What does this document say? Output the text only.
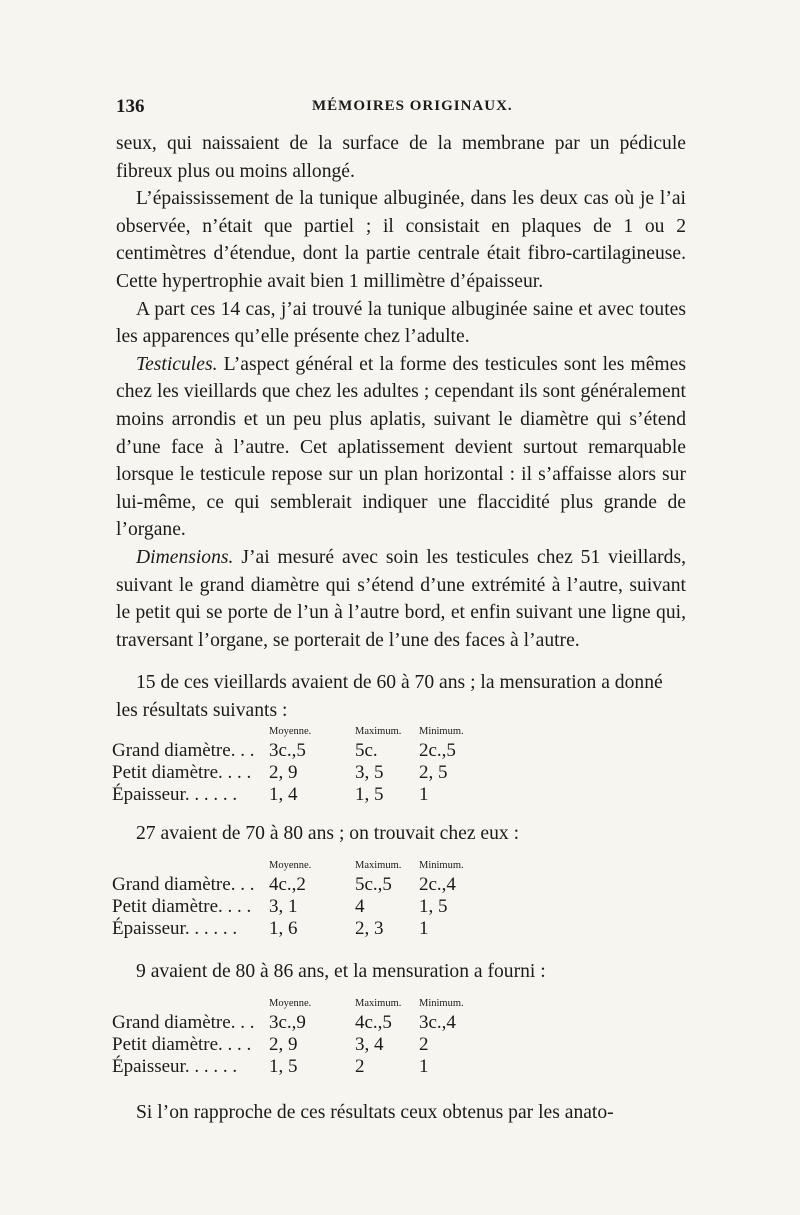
136	MÉMOIRES ORIGINAUX.

seux, qui naissaient de la surface de la membrane par un pédicule fibreux plus ou moins allongé.

L’épaississement de la tunique albuginée, dans les deux cas où je l’ai observée, n’était que partiel ; il consistait en plaques de 1 ou 2 centimètres d’étendue, dont la partie centrale était fibro-cartilagineuse. Cette hypertrophie avait bien 1 millimètre d’épaisseur.

A part ces 14 cas, j’ai trouvé la tunique albuginée saine et avec toutes les apparences qu’elle présente chez l’adulte.

Testicules. L’aspect général et la forme des testicules sont les mêmes chez les vieillards que chez les adultes ; cependant ils sont généralement moins arrondis et un peu plus aplatis, suivant le diamètre qui s’étend d’une face à l’autre. Cet aplatissement devient surtout remarquable lorsque le testicule repose sur un plan horizontal : il s’affaisse alors sur lui-même, ce qui semblerait indiquer une flaccidité plus grande de l’organe.

Dimensions. J’ai mesuré avec soin les testicules chez 51 vieillards, suivant le grand diamètre qui s’étend d’une extrémité à l’autre, suivant le petit qui se porte de l’un à l’autre bord, et enfin suivant une ligne qui, traversant l’organe, se porterait de l’une des faces à l’autre.

15 de ces vieillards avaient de 60 à 70 ans ; la mensuration a donné les résultats suivants :

	Moyenne.	Maximum.	Minimum.
Grand diamètre. . .	3c.,5	5c.	2c.,5
Petit diamètre. . . .	2, 9	3, 5	2, 5
Épaisseur. . . . . .	1, 4	1, 5	1

27 avaient de 70 à 80 ans ; on trouvait chez eux :

	Moyenne.	Maximum.	Minimum.
Grand diamètre. . .	4c.,2	5c.,5	2c.,4
Petit diamètre. . . .	3, 1	4	1, 5
Épaisseur. . . . . .	1, 6	2, 3	1

9 avaient de 80 à 86 ans, et la mensuration a fourni :

	Moyenne.	Maximum.	Minimum.
Grand diamètre. . .	3c.,9	4c.,5	3c.,4
Petit diamètre. . . .	2, 9	3, 4	2
Épaisseur. . . . . .	1, 5	2	1

Si l’on rapproche de ces résultats ceux obtenus par les anato-
